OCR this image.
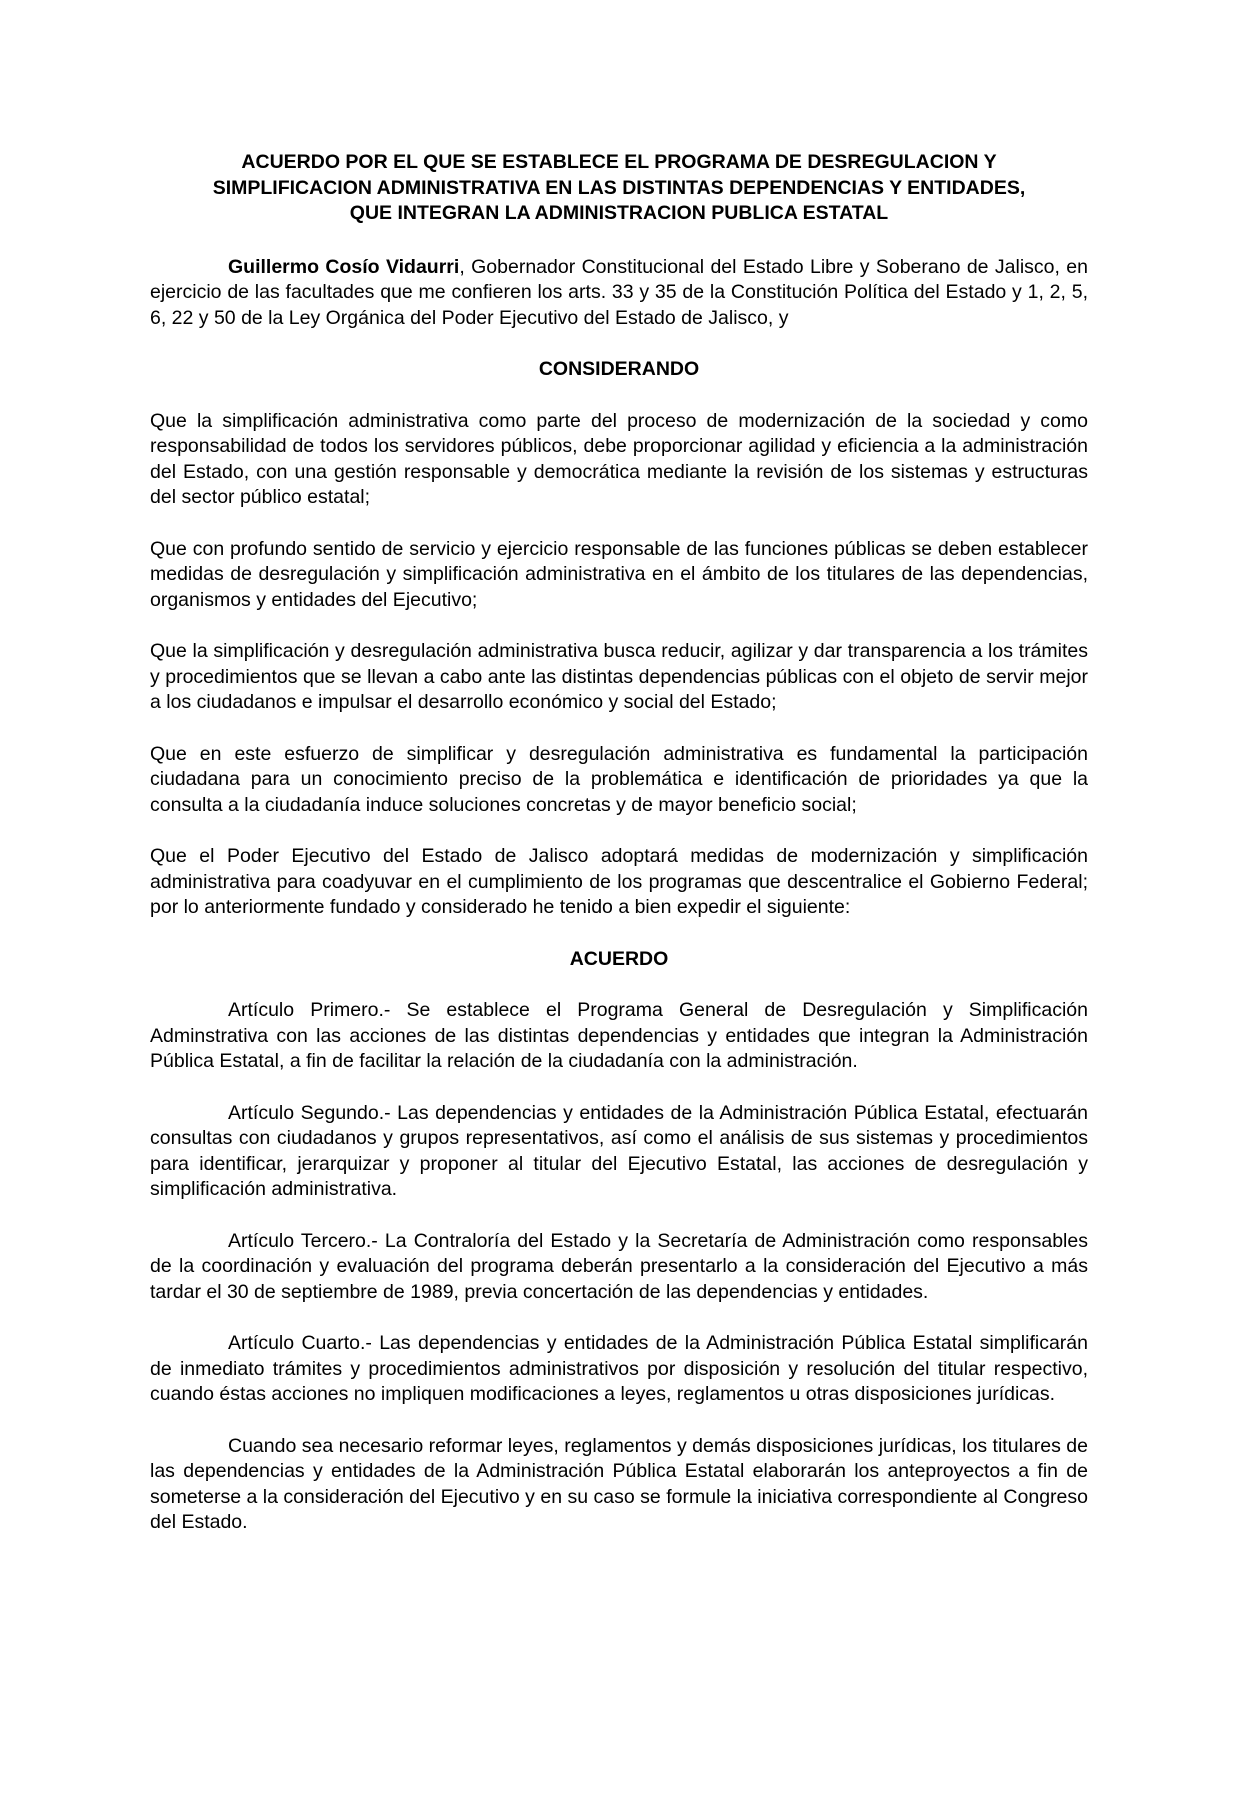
ACUERDO POR EL QUE SE ESTABLECE EL PROGRAMA DE DESREGULACION Y SIMPLIFICACION ADMINISTRATIVA EN LAS DISTINTAS DEPENDENCIAS Y ENTIDADES, QUE INTEGRAN LA ADMINISTRACION PUBLICA ESTATAL

Guillermo Cosío Vidaurri, Gobernador Constitucional del Estado Libre y Soberano de Jalisco, en ejercicio de las facultades que me confieren los arts. 33 y 35 de la Constitución Política del Estado y 1, 2, 5, 6, 22 y 50 de la Ley Orgánica del Poder Ejecutivo del Estado de Jalisco, y

CONSIDERANDO

Que la simplificación administrativa como parte del proceso de modernización de la sociedad y como responsabilidad de todos los servidores públicos, debe proporcionar agilidad y eficiencia a la administración del Estado, con una gestión responsable y democrática mediante la revisión de los sistemas y estructuras del sector público estatal;

Que con profundo sentido de servicio y ejercicio responsable de las funciones públicas se deben establecer medidas de desregulación y simplificación administrativa en el ámbito de los titulares de las dependencias, organismos y entidades del Ejecutivo;

Que la simplificación y desregulación administrativa busca reducir, agilizar y dar transparencia a los trámites y procedimientos que se llevan a cabo ante las distintas dependencias públicas con el objeto de servir mejor a los ciudadanos e impulsar el desarrollo económico y social del Estado;

Que en este esfuerzo de simplificar y desregulación administrativa es fundamental la participación ciudadana para un conocimiento preciso de la problemática e identificación de prioridades ya que la consulta a la ciudadanía induce soluciones concretas y de mayor beneficio social;

Que el Poder Ejecutivo del Estado de Jalisco adoptará medidas de modernización y simplificación administrativa para coadyuvar en el cumplimiento de los programas que descentralice el Gobierno Federal; por lo anteriormente fundado y considerado he tenido a bien expedir el siguiente:

ACUERDO

Artículo Primero.- Se establece el Programa General de Desregulación y Simplificación Adminstrativa con las acciones de las distintas dependencias y entidades que integran la Administración Pública Estatal, a fin de facilitar la relación de la ciudadanía con la administración.

Artículo Segundo.- Las dependencias y entidades de la Administración Pública Estatal, efectuarán consultas con ciudadanos y grupos representativos, así como el análisis de sus sistemas y procedimientos para identificar, jerarquizar y proponer al titular del Ejecutivo Estatal, las acciones de desregulación y simplificación administrativa.

Artículo Tercero.- La Contraloría del Estado y la Secretaría de Administración como responsables de la coordinación y evaluación del programa deberán presentarlo a la consideración del Ejecutivo a más tardar el 30 de septiembre de 1989, previa concertación de las dependencias y entidades.

Artículo Cuarto.- Las dependencias y entidades de la Administración Pública Estatal simplificarán de inmediato trámites y procedimientos administrativos por disposición y resolución del titular respectivo, cuando éstas acciones no impliquen modificaciones a leyes, reglamentos u otras disposiciones jurídicas.

Cuando sea necesario reformar leyes, reglamentos y demás disposiciones jurídicas, los titulares de las dependencias y entidades de la Administración Pública Estatal elaborarán los anteproyectos a fin de someterse a la consideración del Ejecutivo y en su caso se formule la iniciativa correspondiente al Congreso del Estado.
